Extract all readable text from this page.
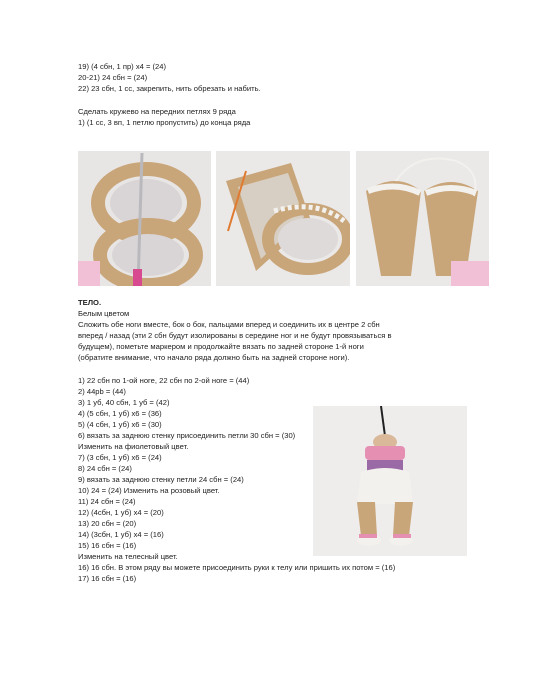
19) (4 сбн, 1 пр) х4 = (24)
20-21) 24 сбн = (24)
22) 23 сбн, 1 сс, закрепить, нить обрезать и набить.
Сделать кружево на передних петлях 9 ряда
1) (1 сс, 3 вп, 1 петлю пропустить) до конца ряда
ТЕЛО.
Белым цветом
Сложить обе ноги вместе, бок о бок, пальцами вперед и соединить их в центре 2 сбн
вперед / назад (эти 2 сбн будут изолированы в середине ног и не будут провязываться в
будущем), пометьте маркером и продолжайте вязать по задней стороне 1-й ноги
(обратите внимание, что начало ряда должно быть на задней стороне ноги).
1) 22 сбн по 1-ой ноге, 22 сбн по 2-ой ноге = (44)
2) 44pb = (44)
3) 1 уб, 40 сбн, 1 уб = (42)
4) (5 сбн, 1 уб) х6 = (36)
5) (4 сбн, 1 уб) х6 = (30)
6) вязать за заднюю стенку присоединить петли 30 сбн = (30)
Изменить на фиолетовый цвет.
7) (3 сбн, 1 уб) х6 = (24)
8) 24 сбн = (24)
9) вязать за заднюю стенку петли 24 сбн = (24)
10) 24 = (24) Изменить на розовый цвет.
11) 24 сбн = (24)
12) (4сбн, 1 уб) х4 = (20)
13) 20 сбн = (20)
14) (3сбн, 1 уб) х4 = (16)
15) 16 сбн = (16)
Изменить на телесный цвет.
16) 16 сбн. В этом ряду вы можете присоединить руки к телу или пришить их потом = (16)
17) 16 сбн = (16)
